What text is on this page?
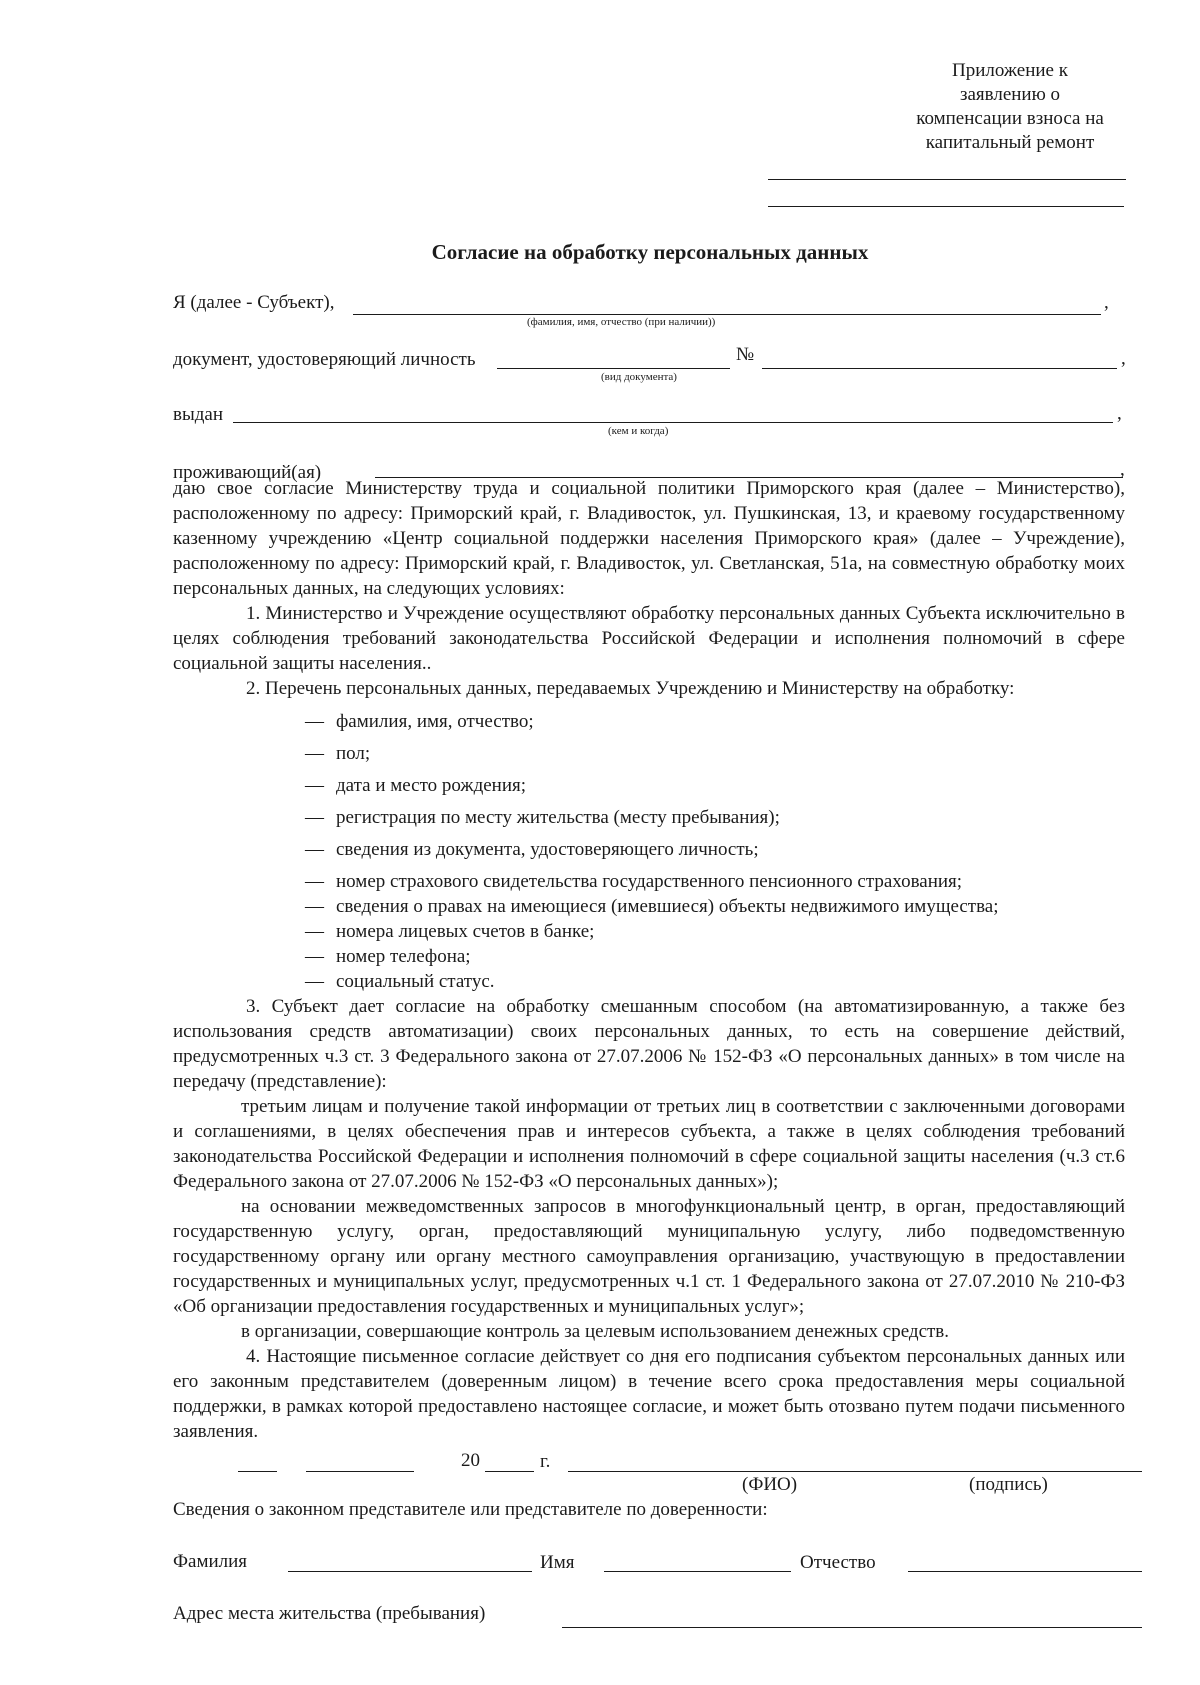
Приложение к
заявлению о
компенсации взноса на
капитальный ремонт
Согласие на обработку персональных данных
Я (далее - Субъект),	,
(фамилия, имя, отчество (при наличии))
документ, удостоверяющий личность	№	,
(вид документа)
выдан	,
(кем и когда)
проживающий(ая)	,

даю свое согласие Министерству труда и социальной политики Приморского края (далее – Министерство), расположенному по адресу: Приморский край, г. Владивосток, ул. Пушкинская, 13, и краевому государственному казенному учреждению «Центр социальной поддержки населения Приморского края» (далее – Учреждение), расположенному по адресу: Приморский край, г. Владивосток, ул. Светланская, 51а, на совместную обработку моих персональных данных, на следующих условиях:

1. Министерство и Учреждение осуществляют обработку персональных данных Субъекта исключительно в целях соблюдения требований законодательства Российской Федерации и исполнения полномочий в сфере социальной защиты населения..

2. Перечень персональных данных, передаваемых Учреждению и Министерству на обработку:

— фамилия, имя, отчество;
— пол;
— дата и место рождения;
— регистрация по месту жительства (месту пребывания);
— сведения из документа, удостоверяющего личность;
— номер страхового свидетельства государственного пенсионного страхования;
— сведения о правах на имеющиеся (имевшиеся) объекты недвижимого имущества;
— номера лицевых счетов в банке;
— номер телефона;
— социальный статус.

3. Субъект дает согласие на обработку смешанным способом (на автоматизированную, а также без использования средств автоматизации) своих персональных данных, то есть на совершение действий, предусмотренных ч.3 ст. 3 Федерального закона от 27.07.2006 № 152-ФЗ «О персональных данных» в том числе на передачу (представление):

третьим лицам и получение такой информации от третьих лиц в соответствии с заключенными договорами и соглашениями, в целях обеспечения прав и интересов субъекта, а также в целях соблюдения требований законодательства Российской Федерации и исполнения полномочий в сфере социальной защиты населения (ч.3 ст.6 Федерального закона от 27.07.2006 № 152-ФЗ «О персональных данных»);

на основании межведомственных запросов в многофункциональный центр, в орган, предоставляющий государственную услугу, орган, предоставляющий муниципальную услугу, либо подведомственную государственному органу или органу местного самоуправления организацию, участвующую в предоставлении государственных и муниципальных услуг, предусмотренных ч.1 ст. 1 Федерального закона от 27.07.2010 № 210-ФЗ «Об организации предоставления государственных и муниципальных услуг»;

в организации, совершающие контроль за целевым использованием денежных средств.

4. Настоящие письменное согласие действует со дня его подписания субъектом персональных данных или его законным представителем (доверенным лицом) в течение всего срока предоставления меры социальной поддержки, в рамках которой предоставлено настоящее согласие, и может быть отозвано путем подачи письменного заявления.

20	г.
(ФИО)	(подпись)
Сведения о законном представителе или представителе по доверенности:
Фамилия	Имя	Отчество
Адрес места жительства (пребывания)
